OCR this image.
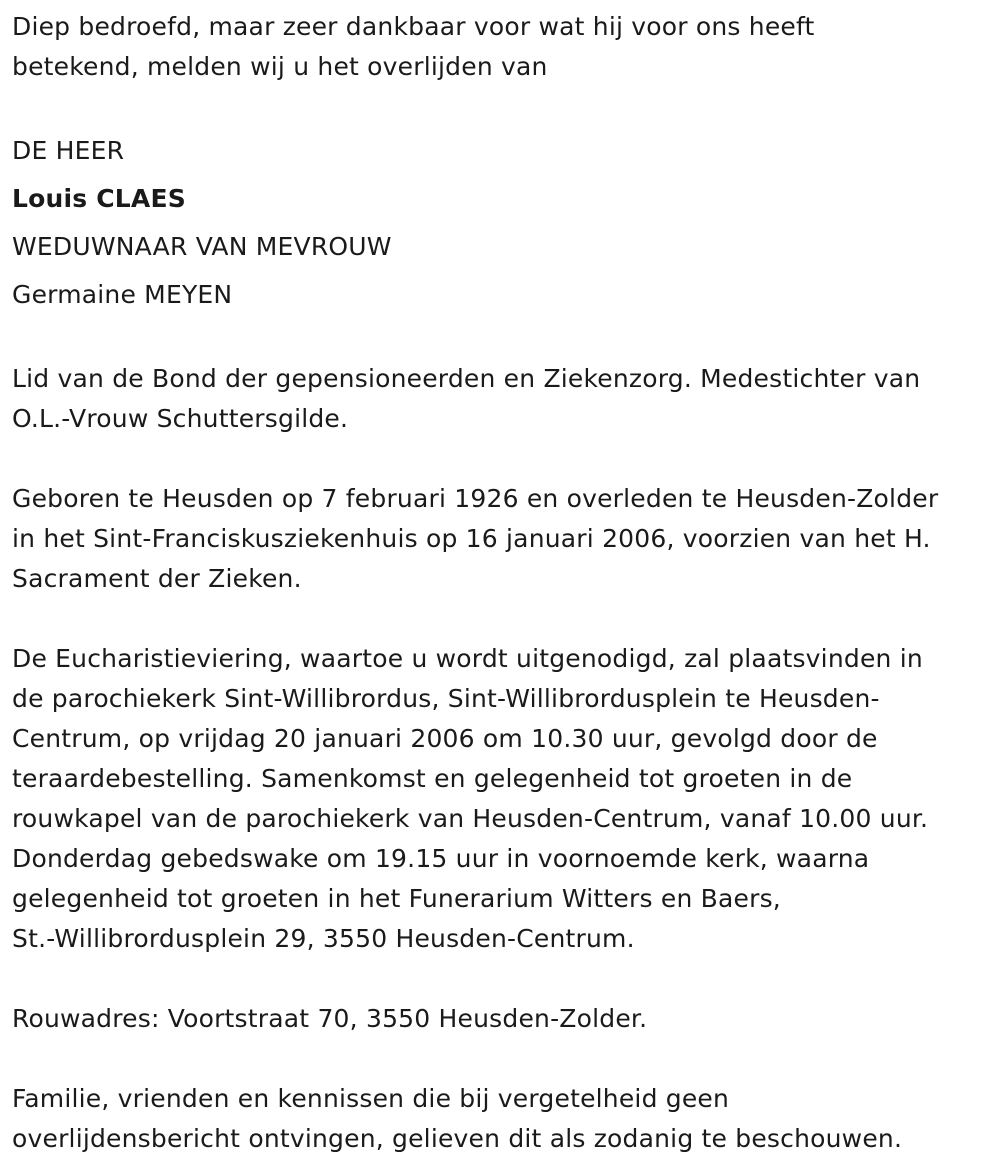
Diep bedroefd, maar zeer dankbaar voor wat hij voor ons heeft
betekend, melden wij u het overlijden van
DE HEER
Louis CLAES
WEDUWNAAR VAN MEVROUW
Germaine MEYEN
Lid van de Bond der gepensioneerden en Ziekenzorg. Medestichter van
O.L.-Vrouw Schuttersgilde.
Geboren te Heusden op 7 februari 1926 en overleden te Heusden-Zolder
in het Sint-Franciskusziekenhuis op 16 januari 2006, voorzien van het H.
Sacrament der Zieken.
De Eucharistieviering, waartoe u wordt uitgenodigd, zal plaatsvinden in
de parochiekerk Sint-Willibrordus, Sint-Willibrordusplein te Heusden-
Centrum, op vrijdag 20 januari 2006 om 10.30 uur, gevolgd door de
teraardebestelling. Samenkomst en gelegenheid tot groeten in de
rouwkapel van de parochiekerk van Heusden-Centrum, vanaf 10.00 uur.
Donderdag gebedswake om 19.15 uur in voornoemde kerk, waarna
gelegenheid tot groeten in het Funerarium Witters en Baers,
St.-Willibrordusplein 29, 3550 Heusden-Centrum.
Rouwadres: Voortstraat 70, 3550 Heusden-Zolder.
Familie, vrienden en kennissen die bij vergetelheid geen
overlijdensbericht ontvingen, gelieven dit als zodanig te beschouwen.
